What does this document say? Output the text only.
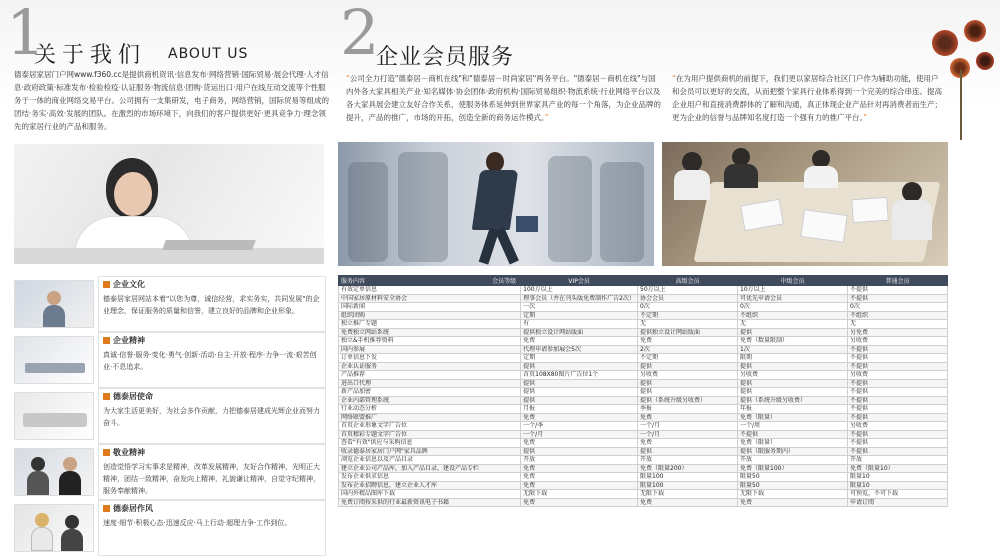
1
关于我们 ABOUT US
德泰居家居门户网www.f360.cc是提供商机资讯·信息发布·网络营销·国际贸易·展会代理·人才信息·政府政策·标准发布·检验检疫·认证服务·物流信息·团购·货运出口·用户在线互动交流等个性服务于一体的商业网络交易平台。公司拥有一支集研发，电子商务，网络营销，国际贸易等组成的团结·务实·高效·发展的团队。在激烈的市场环境下，向我们的客户提供更好·更具竞争力·理念领先的家居行业的产品和服务。
企业文化
德泰居家居网站本着"以您为尊，诚信经营，求实务实，共同发展"的企业理念，保证服务的质量和信誉，建立良好的品牌和企业形象。
企业精神
真诚·信誉·服务·变化·勇气·创新·活动·自主·开放·程序·力争一流·艰苦创业·不息追求。
德泰居使命
为大家生活更美好，为社会多作贡献，力把德泰居建成光辉企业而努力奋斗。
敬业精神
创造觉悟学习实事求是精神，改革发展精神，友好合作精神，光明正大精神，团结一致精神，奋发向上精神，礼貌谦让精神，自觉守纪精神，服务奉献精神。
德泰居作风
速度·细节·积极心态·迅速反应·马上行动·超理力争·工作到位。
2
企业会员服务
“公司全力打造"德泰居－商机在线"和"德泰居－时尚家居"两务平台。"德泰居－商机在线"与国内外各大家具相关产业·知名媒体·协会团体·政府机构·国际贸易组织·物流系统·行业网络平台以及各大家具展会建立友好合作关系，使服务体系延伸到世界家具产业的每一个角落，为企业品牌的提升，产品的推广，市场的开拓，创造全新的商务运作模式。”
“在为用户提供商机的前提下，我们更以家居综合社区门户作为辅助功能，使用户和会员可以更好的交流，从而把整个家具行业体系得到一个完美的综合串连。提高企业用户和直接消费群体的了解和沟通，真正体现企业产品针对再消费者而生产；更为企业的信誉与品牌知名度打造一个强有力的推广平台。”
服务内容 会员等级	VIP会员	高级会员	中级会员	普通会员
有效定单信息	100万以上	50万以上	10万以上	不提供
中国家居原材料安全协会	理事会员（并在刊头版免费制作广告2次）	协会会员	可优先申请会员	不提供
国际新闻	一次	0次	0次	0次
组织团购	定期	不定期	不组织	不组织
独立推广专题	有	无	无	无
免费独立网站系统	提供独立设计网站版面	提供独立设计网站版面	提供	另免费
独立&手机推荐资料	免费	免费	免费（数量限制）	另收费
国内参展	代理申请参加展会5次	2次	1次	不提供
订单信息下发	定期	不定期	限期	不提供
企业认证服务	提供	提供	提供	不提供
产品推荐	首页108X80图片广告位1个	另收费	另收费	另收费
进出口代理	提供	提供	提供	不提供
新产品加密	提供	提供	提供	不提供
企业内部管理系统	提供	提供（系统升级另收费）	提供（系统升级另收费）	不提供
行业动态分析	月报	季报	年报	不提供
网络联盟推广	免费	免费	免费（限量）	不提供
首页企业形象文字广告位	一个/季	一个/月	一个/周	另收费
首页精彩专题文字广告位	一个/月	一个/月	不提供	不提供
查看"有效"供应与采购信息	免费	免费	免费（限量）	不提供
收录德泰居家居门户网"家具品牌	提供	提供	提供（限服务期内）	不提供
浏览企业信息以及产品目录	开放	开放	开放	开放
建立企业公司产品库，加入产品目录，建设产品专栏	免费	免费（限量200）	免费（限量100）	免费（限量10）
发布企业供求信息	免费	限量100	限量50	限量10
发布企业招聘信息，建立企业人才库	免费	限量100	限量50	限量10
国内外精品图库下载	无限下载	无限下载	无限下载	可预览，不可下载
免费订阅按采供的行业最新资讯电子书籍	免费	免费	免费	申请订阅
